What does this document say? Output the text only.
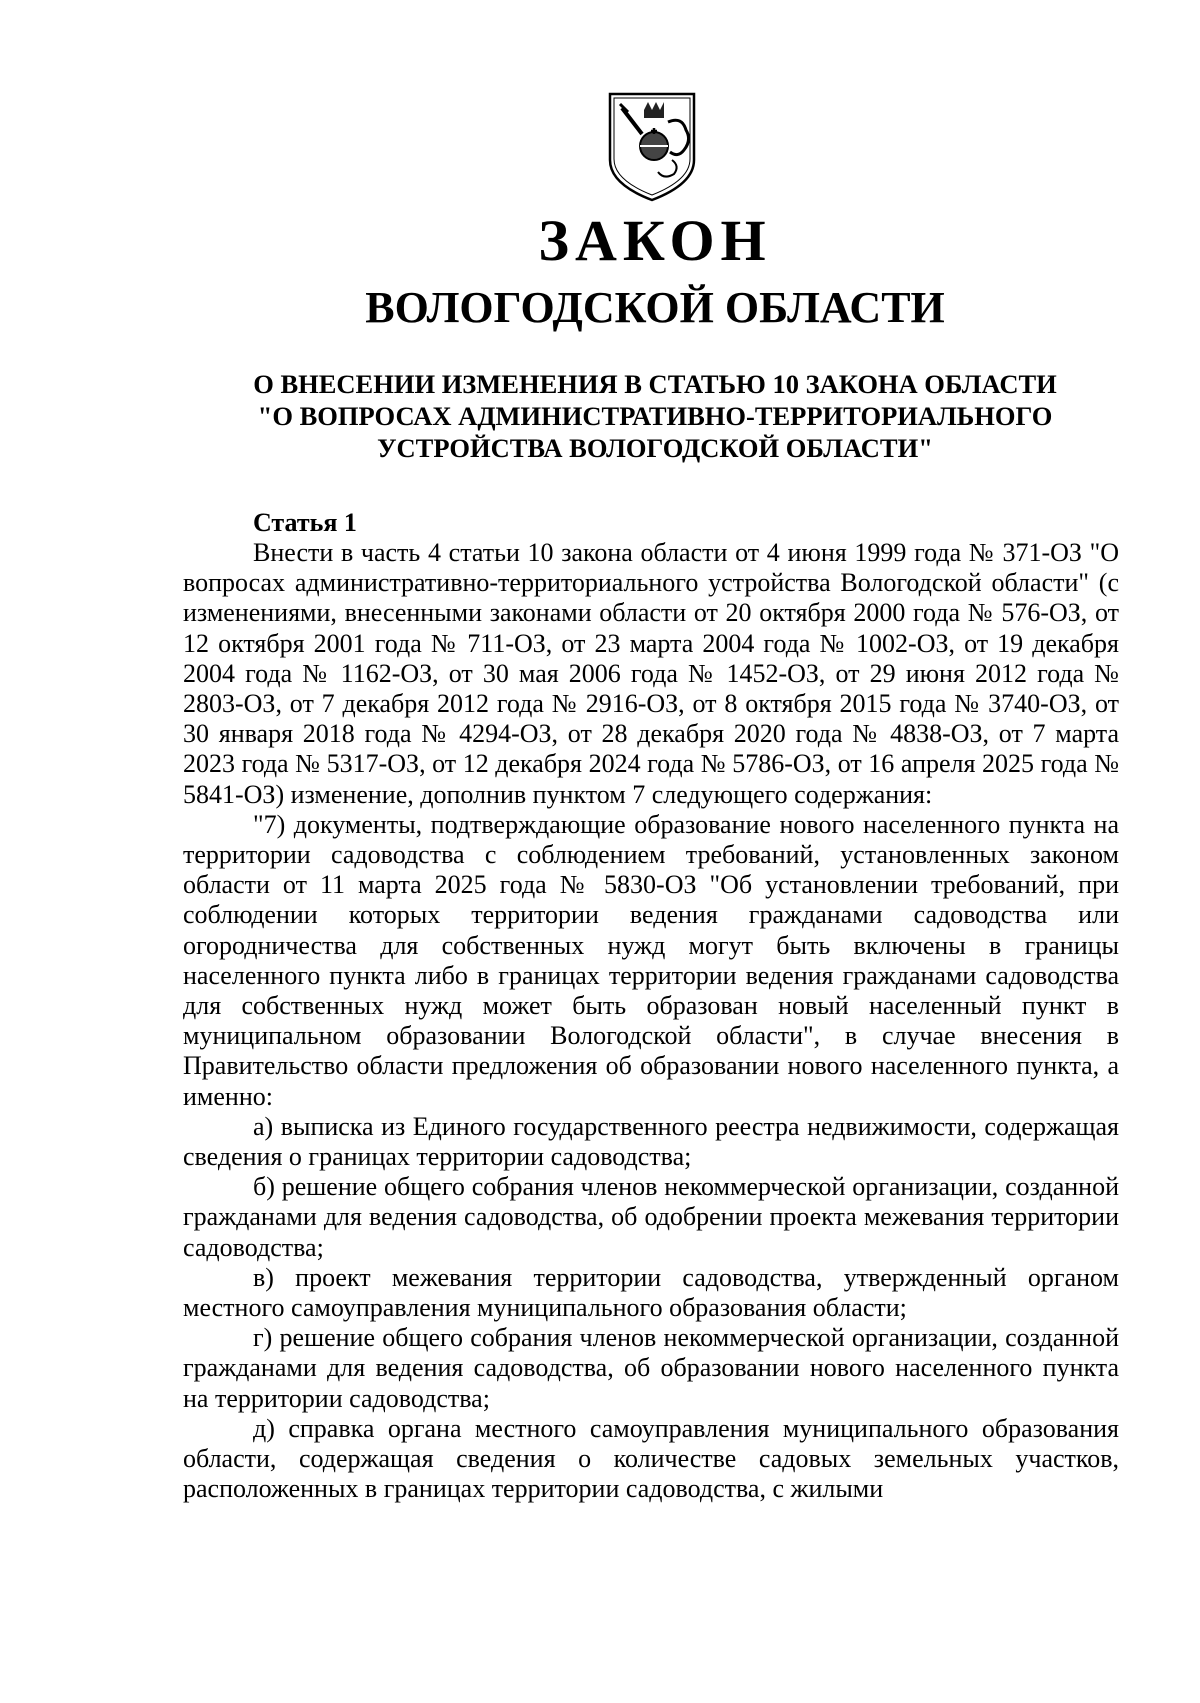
ЗАКОН
ВОЛОГОДСКОЙ ОБЛАСТИ
О ВНЕСЕНИИ ИЗМЕНЕНИЯ В СТАТЬЮ 10 ЗАКОНА ОБЛАСТИ
"О ВОПРОСАХ АДМИНИСТРАТИВНО-ТЕРРИТОРИАЛЬНОГО
УСТРОЙСТВА ВОЛОГОДСКОЙ ОБЛАСТИ"
Статья 1

Внести в часть 4 статьи 10 закона области от 4 июня 1999 года № 371-ОЗ "О вопросах административно-территориального устройства Вологодской области" (с изменениями, внесенными законами области от 20 октября 2000 года № 576-ОЗ, от 12 октября 2001 года № 711-ОЗ, от 23 марта 2004 года № 1002-ОЗ, от 19 декабря 2004 года № 1162-ОЗ, от 30 мая 2006 года № 1452-ОЗ, от 29 июня 2012 года № 2803-ОЗ, от 7 декабря 2012 года № 2916-ОЗ, от 8 октября 2015 года № 3740-ОЗ, от 30 января 2018 года № 4294-ОЗ, от 28 декабря 2020 года № 4838-ОЗ, от 7 марта 2023 года № 5317-ОЗ, от 12 декабря 2024 года № 5786-ОЗ, от 16 апреля 2025 года № 5841-ОЗ) изменение, дополнив пунктом 7 следующего содержания:

"7) документы, подтверждающие образование нового населенного пункта на территории садоводства с соблюдением требований, установленных законом области от 11 марта 2025 года № 5830-ОЗ "Об установлении требований, при соблюдении которых территории ведения гражданами садоводства или огородничества для собственных нужд могут быть включены в границы населенного пункта либо в границах территории ведения гражданами садоводства для собственных нужд может быть образован новый населенный пункт в муниципальном образовании Вологодской области", в случае внесения в Правительство области предложения об образовании нового населенного пункта, а именно:

а) выписка из Единого государственного реестра недвижимости, содержащая сведения о границах территории садоводства;

б) решение общего собрания членов некоммерческой организации, созданной гражданами для ведения садоводства, об одобрении проекта межевания территории садоводства;

в) проект межевания территории садоводства, утвержденный органом местного самоуправления муниципального образования области;

г) решение общего собрания членов некоммерческой организации, созданной гражданами для ведения садоводства, об образовании нового населенного пункта на территории садоводства;

д) справка органа местного самоуправления муниципального образования области, содержащая сведения о количестве садовых земельных участков, расположенных в границах территории садоводства, с жилыми
